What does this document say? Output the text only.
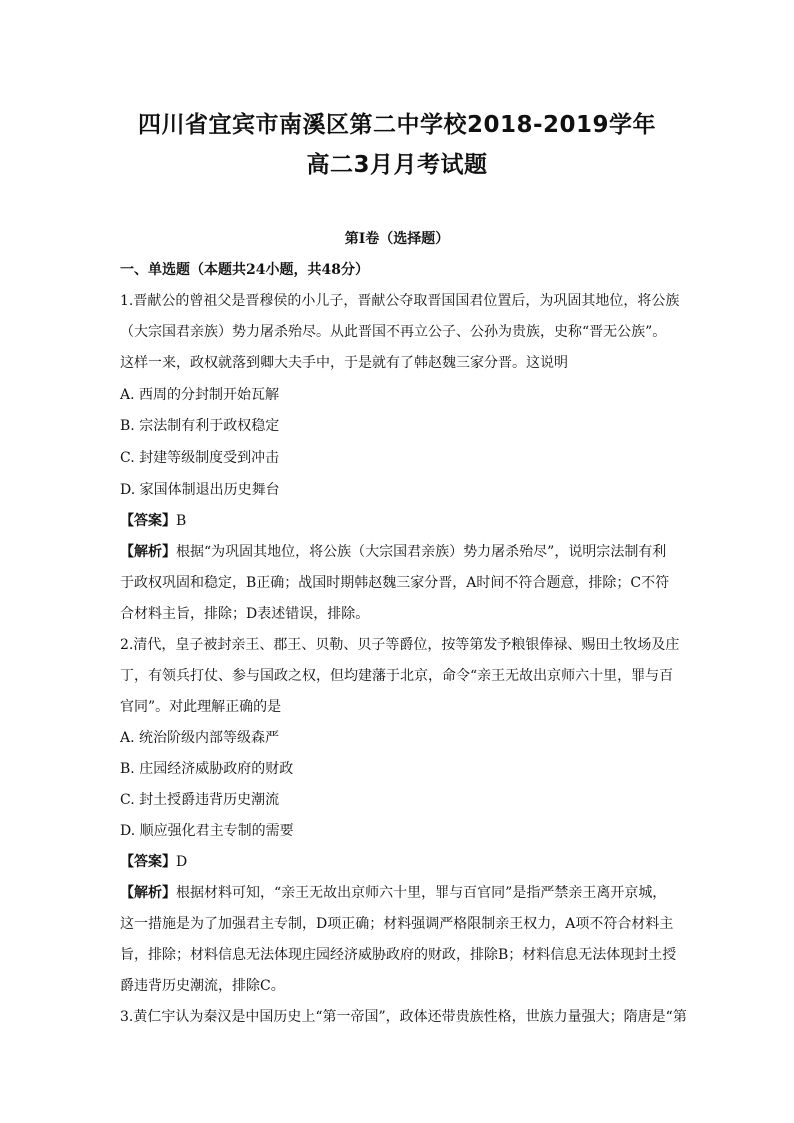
四川省宜宾市南溪区第二中学校2018-2019学年
高二3月月考试题
第I卷（选择题）
一、单选题（本题共24小题，共48分）
1.晋献公的曾祖父是晋穆侯的小儿子，晋献公夺取晋国国君位置后，为巩固其地位，将公族
（大宗国君亲族）势力屠杀殆尽。从此晋国不再立公子、公孙为贵族，史称“晋无公族”。
这样一来，政权就落到卿大夫手中，于是就有了韩赵魏三家分晋。这说明
A. 西周的分封制开始瓦解
B. 宗法制有利于政权稳定
C. 封建等级制度受到冲击
D. 家国体制退出历史舞台
【答案】B
【解析】根据“为巩固其地位，将公族（大宗国君亲族）势力屠杀殆尽”，说明宗法制有利
于政权巩固和稳定，B正确；战国时期韩赵魏三家分晋，A时间不符合题意，排除；C不符
合材料主旨，排除；D表述错误，排除。
2.清代，皇子被封亲王、郡王、贝勒、贝子等爵位，按等第发予粮银俸禄、赐田土牧场及庄
丁，有领兵打仗、参与国政之权，但均建藩于北京，命令“亲王无故出京师六十里，罪与百
官同”。对此理解正确的是
A. 统治阶级内部等级森严
B. 庄园经济威胁政府的财政
C. 封土授爵违背历史潮流
D. 顺应强化君主专制的需要
【答案】D
【解析】根据材料可知，“亲王无故出京师六十里，罪与百官同”是指严禁亲王离开京城，
这一措施是为了加强君主专制，D项正确；材料强调严格限制亲王权力，A项不符合材料主
旨，排除；材料信息无法体现庄园经济威胁政府的财政，排除B；材料信息无法体现封土授
爵违背历史潮流，排除C。
3.黄仁宇认为秦汉是中国历史上“第一帝国”，政体还带贵族性格，世族力量强大；隋唐是“第
